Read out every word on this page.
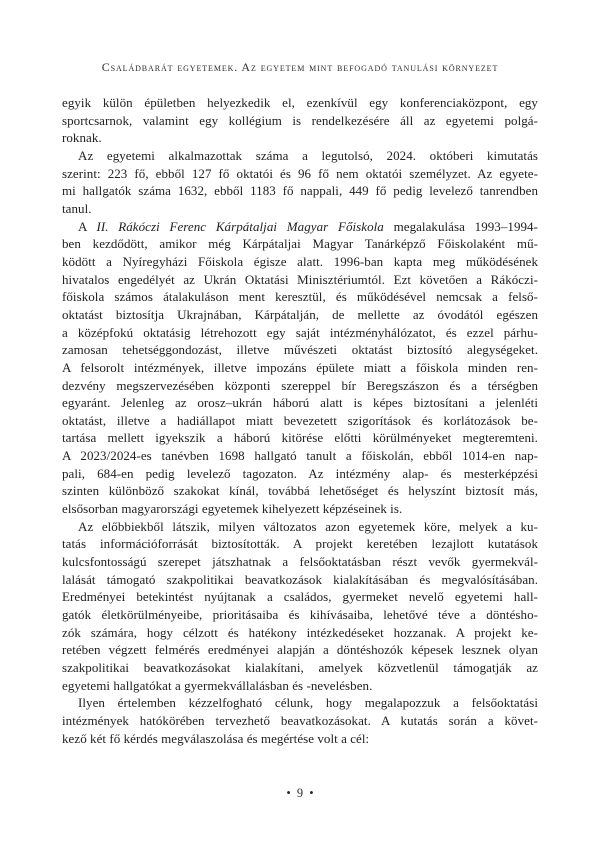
Családbarát egyetemek. Az egyetem mint befogadó tanulási környezet
egyik külön épületben helyezkedik el, ezenkívül egy konferenciaközpont, egy
sportcsarnok, valamint egy kollégium is rendelkezésére áll az egyetemi polgá-
roknak.
Az egyetemi alkalmazottak száma a legutolsó, 2024. októberi kimutatás
szerint: 223 fő, ebből 127 fő oktatói és 96 fő nem oktatói személyzet. Az egyete-
mi hallgatók száma 1632, ebből 1183 fő nappali, 449 fő pedig levelező tanrendben
tanul.
A II. Rákóczi Ferenc Kárpátaljai Magyar Főiskola megalakulása 1993–1994-
ben kezdődött, amikor még Kárpátaljai Magyar Tanárképző Főiskolaként mű-
ködött a Nyíregyházi Főiskola égisze alatt. 1996-ban kapta meg működésének
hivatalos engedélyét az Ukrán Oktatási Minisztériumtól. Ezt követően a Rákóczi-
főiskola számos átalakuláson ment keresztül, és működésével nemcsak a felső-
oktatást biztosítja Ukrajnában, Kárpátalján, de mellette az óvodától egészen
a középfokú oktatásig létrehozott egy saját intézményhálózatot, és ezzel párhu-
zamosan tehetséggondozást, illetve művészeti oktatást biztosító alegységeket.
A felsorolt intézmények, illetve impozáns épülete miatt a főiskola minden ren-
dezvény megszervezésében központi szereppel bír Beregszászon és a térségben
egyaránt. Jelenleg az orosz–ukrán háború alatt is képes biztosítani a jelenléti
oktatást, illetve a hadiállapot miatt bevezetett szigorítások és korlátozások be-
tartása mellett igyekszik a háború kitörése előtti körülményeket megteremteni.
A 2023/2024-es tanévben 1698 hallgató tanult a főiskolán, ebből 1014-en nap-
pali, 684-en pedig levelező tagozaton. Az intézmény alap- és mesterképzési
szinten különböző szakokat kínál, továbbá lehetőséget és helyszínt biztosít más,
elsősorban magyarországi egyetemek kihelyezett képzéseinek is.
Az előbbiekből látszik, milyen változatos azon egyetemek köre, melyek a ku-
tatás információforrását biztosították. A projekt keretében lezajlott kutatások
kulcsfontosságú szerepet játszhatnak a felsőoktatásban részt vevők gyermekvál-
lalását támogató szakpolitikai beavatkozások kialakításában és megvalósításában.
Eredményei betekintést nyújtanak a családos, gyermeket nevelő egyetemi hall-
gatók életkörülményeibe, prioritásaiba és kihívásaiba, lehetővé téve a döntésho-
zók számára, hogy célzott és hatékony intézkedéseket hozzanak. A projekt ke-
retében végzett felmérés eredményei alapján a döntéshozók képesek lesznek olyan
szakpolitikai beavatkozásokat kialakítani, amelyek közvetlenül támogatják az
egyetemi hallgatókat a gyermekvállalásban és -nevelésben.
Ilyen értelemben kézzelfogható célunk, hogy megalapozzuk a felsőoktatási
intézmények hatókörében tervezhető beavatkozásokat. A kutatás során a követ-
kező két fő kérdés megválaszolása és megértése volt a cél:
• 9 •
